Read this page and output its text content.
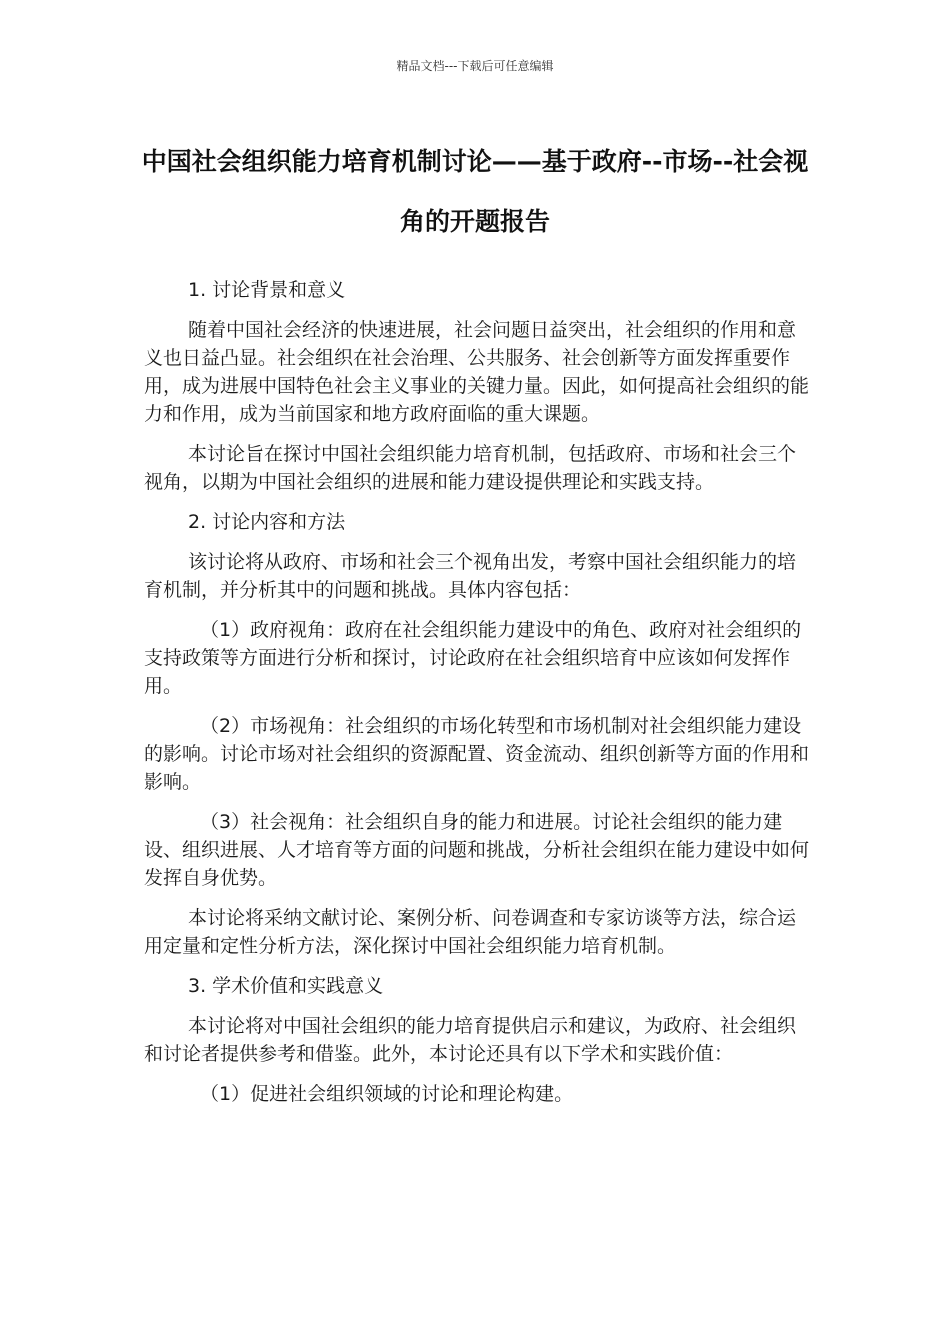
精品文档---下载后可任意编辑
中国社会组织能力培育机制讨论——基于政府--市场--社会视角的开题报告

1. 讨论背景和意义

随着中国社会经济的快速进展，社会问题日益突出，社会组织的作用和意义也日益凸显。社会组织在社会治理、公共服务、社会创新等方面发挥重要作用，成为进展中国特色社会主义事业的关键力量。因此，如何提高社会组织的能力和作用，成为当前国家和地方政府面临的重大课题。

本讨论旨在探讨中国社会组织能力培育机制，包括政府、市场和社会三个视角，以期为中国社会组织的进展和能力建设提供理论和实践支持。

2. 讨论内容和方法

该讨论将从政府、市场和社会三个视角出发，考察中国社会组织能力的培育机制，并分析其中的问题和挑战。具体内容包括：

（1）政府视角：政府在社会组织能力建设中的角色、政府对社会组织的支持政策等方面进行分析和探讨，讨论政府在社会组织培育中应该如何发挥作用。

（2）市场视角：社会组织的市场化转型和市场机制对社会组织能力建设的影响。讨论市场对社会组织的资源配置、资金流动、组织创新等方面的作用和影响。

（3）社会视角：社会组织自身的能力和进展。讨论社会组织的能力建设、组织进展、人才培育等方面的问题和挑战，分析社会组织在能力建设中如何发挥自身优势。

本讨论将采纳文献讨论、案例分析、问卷调查和专家访谈等方法，综合运用定量和定性分析方法，深化探讨中国社会组织能力培育机制。

3. 学术价值和实践意义

本讨论将对中国社会组织的能力培育提供启示和建议，为政府、社会组织和讨论者提供参考和借鉴。此外，本讨论还具有以下学术和实践价值：

（1）促进社会组织领域的讨论和理论构建。
